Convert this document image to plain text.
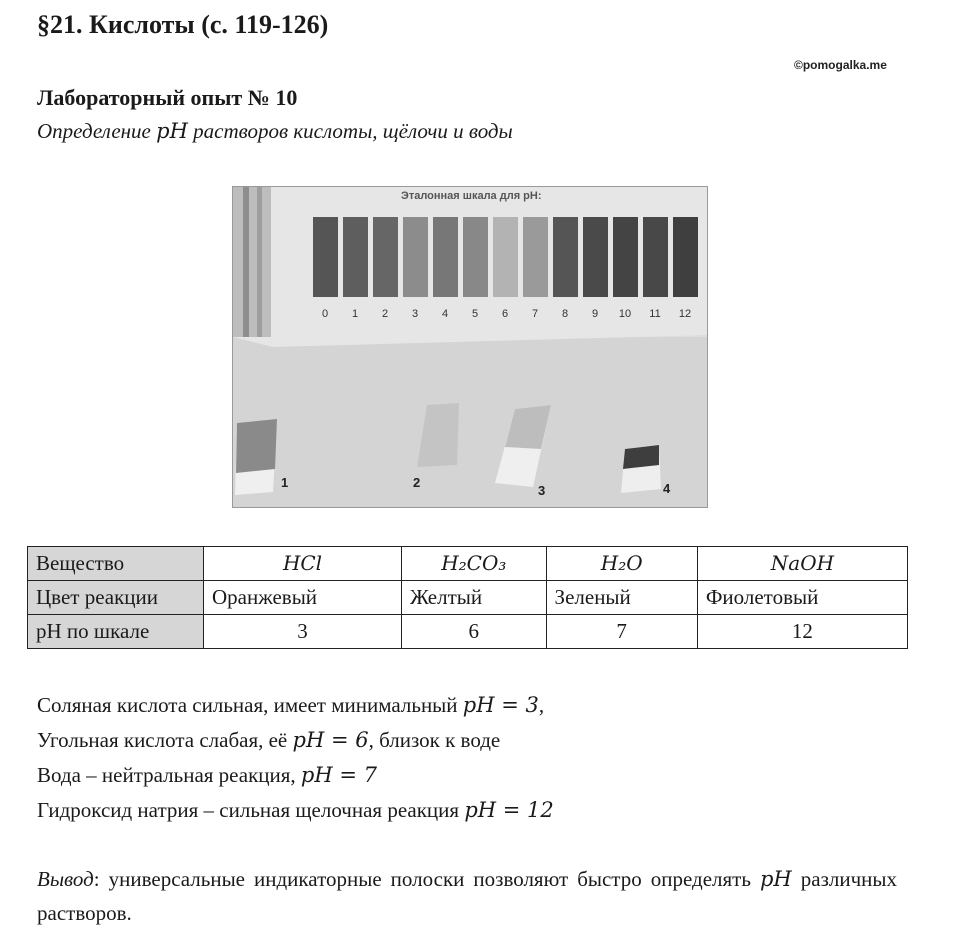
§21. Кислоты (с. 119-126)
©pomogalka.me
Лабораторный опыт № 10
Определение pH растворов кислоты, щёлочи и воды
Эталонная шкала для pH:
0 1 2 3 4 5 6 7 8 9 10 11 12
1	2
3	4
Вещество	HCl	H₂CO₃	H₂O	NaOH
Цвет реакции	Оранжевый	Желтый	Зеленый	Фиолетовый
pH по шкале	3	6	7	12
Соляная кислота сильная, имеет минимальный pH = 3,
Угольная кислота слабая, её pH = 6, близок к воде
Вода – нейтральная реакция, pH = 7
Гидроксид натрия – сильная щелочная реакция pH = 12
Вывод: универсальные индикаторные полоски позволяют быстро определять pH различных растворов.
